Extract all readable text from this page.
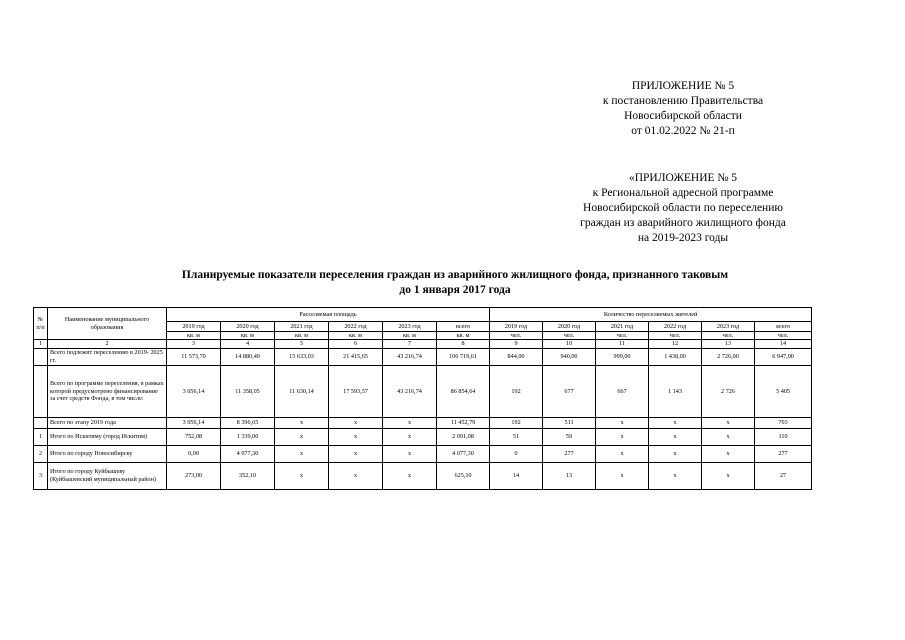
ПРИЛОЖЕНИЕ № 5

к постановлению Правительства

Новосибирской области

от 01.02.2022 № 21-п

«ПРИЛОЖЕНИЕ № 5

к Региональной адресной программе

Новосибирской области по переселению

граждан из аварийного жилищного фонда

на 2019-2023 годы

Планируемые показатели переселения граждан из аварийного жилищного фонда, признанного таковым

до 1 января 2017 года

№ п/п	Наименование муниципального образования	Расселяемая площадь						Количество переселяемых жителей					
		2019 год	2020 год	2021 год	2022 год	2023 год	всего	2019 год	2020 год	2021 год	2022 год	2023 год	всего
		кв. м	кв. м	кв. м	кв. м	кв. м	кв. м	чел.	чел.	чел.	чел.	чел.	чел.
1	2	3	4	5	6	7	8	9	10	11	12	13	14
	Всего подлежит переселению в 2019- 2025 гг.	11 573,70	14 880,49	15 633,03	21 415,65	43 216,74	106 719,61	844,00	940,00	999,00	1 438,00	2 726,00	6 947,00
	Всего по программе переселения, в рамках которой предусмотрено финансирование за счет средств Фонда, в том числе:	3 056,14	11 358,05	11 630,14	17 593,57	43 216,74	86 854,64	192	677	667	1 143	2 726	5 405
	Всего по этапу 2019 года	3 056,14	8 396,65	x	x	x	11 452,79	192	511	x	x	x	703
1	Итого по Искитиму (город Искитим)	752,08	1 339,00	x	x	x	2 091,08	51	59	x	x	x	110
2	Итого по городу Новосибирску	0,00	4 077,30	x	x	x	4 077,30	0	277	x	x	x	277
3	Итого по городу Куйбышеву (Куйбышевский муниципальный район)	273,00	352,10	x	x	x	625,10	14	13	x	x	x	27
